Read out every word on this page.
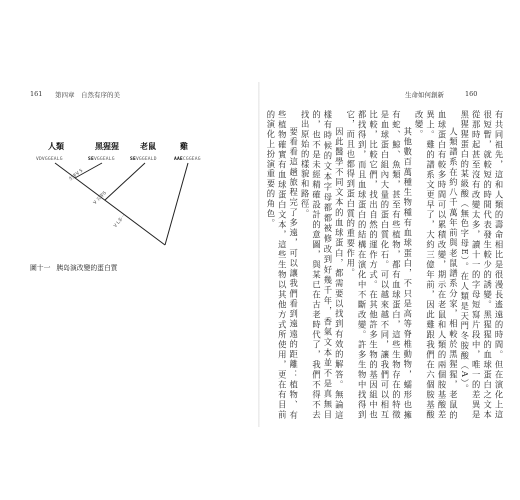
161 第四章　自然有序的美	生命如何創新	160
人類	黑猩猩	老鼠	雞
VDVGGEALG	SEVGGEALG	SEVGGEALD	AAECGGEAG
生多V 5
V 五零S
V L多一
圖十一 胰岛演改變的蛋白質	有共同祖先，這和人類的壽命相比是很漫長遙遠的時間。但在演化上這很短暫，就較短的時間代表發生較少的誘變。黑猩猩的血球蛋白之文本從那時起甚至沒有改變太多，讀十一的字母短寫片段中，唯一的差異是黑猩猩蛋白的某級酸（無色字母E）。在人類是天門冬胺酸（A）。

人類譜系在約八千萬年前與老鼠譜系分家，相較於黑猩猩，老鼠的血球蛋白有較多時間可以累積改變，期示在老鼠和人類的兩個胺基酸差異上。雞的譜系文更早了，大約三億年前，因此雞跟我們在六個胺基酸改變。

其他數百萬種生物種有血球蛋白，不只是高等脊椎動物，蠕形也擁有蛇、鯨、魚類，甚至有些植物，都有血球蛋白，這些生物存在的特徵是血球蛋白組內大量的蛋白質化石。可以越來越不同，讓我們可以相互比較，比較它們，找出自然的運作方式。在其他許多生物的基因組中也都找得到，而且血球蛋白的結構在演化中不斷改變。許多生物中找得到它，而且也都得到蛋白質的重要作用。

因此醫學不同文本的血球蛋白，都需要以找到有效的解答。無論這樣有時候的文本字母都都被修改到好幾千年，香氣文本並不是真無目的，也不是未經精確設計的意圖，與某已在古老時代了，我們不得不去找出原始的樣貌和路徑。

要看看這趟旅程完了多遠，可以讓我們看到遠遠的距離：植物、有些植物確實有血球蛋白文本，這些生物以其他方式所使用，更在有目前的演化上扮演重要的角色。
